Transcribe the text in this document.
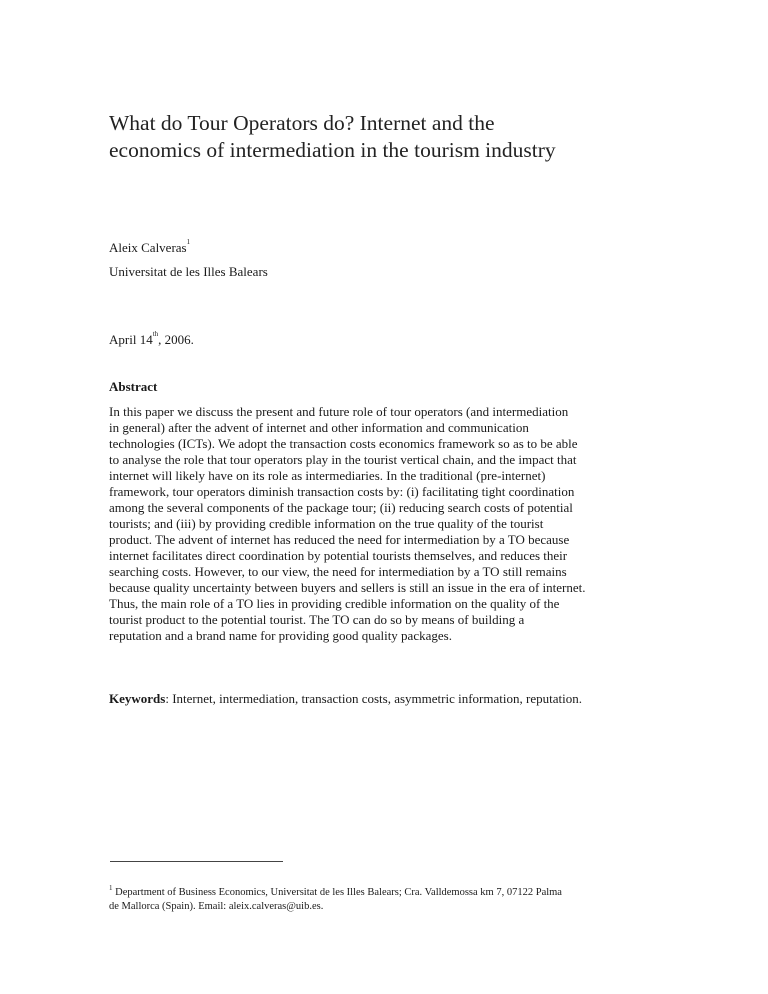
What do Tour Operators do? Internet and the
economics of intermediation in the tourism industry
Aleix Calveras$^1$
Universitat de les Illes Balears
April 14th, 2006.
Abstract
In this paper we discuss the present and future role of tour operators (and intermediation
in general) after the advent of internet and other information and communication
technologies (ICTs). We adopt the transaction costs economics framework so as to be able
to analyse the role that tour operators play in the tourist vertical chain, and the impact that
internet will likely have on its role as intermediaries. In the traditional (pre-internet)
framework, tour operators diminish transaction costs by: (i) facilitating tight coordination
among the several components of the package tour; (ii) reducing search costs of potential
tourists; and (iii) by providing credible information on the true quality of the tourist
product. The advent of internet has reduced the need for intermediation by a TO because
internet facilitates direct coordination by potential tourists themselves, and reduces their
searching costs. However, to our view, the need for intermediation by a TO still remains
because quality uncertainty between buyers and sellers is still an issue in the era of internet.
Thus, the main role of a TO lies in providing credible information on the quality of the
tourist product to the potential tourist. The TO can do so by means of building a
reputation and a brand name for providing good quality packages.
Keywords: Internet, intermediation, transaction costs, asymmetric information, reputation.
$^1$ Department of Business Economics, Universitat de les Illes Balears; Cra. Valldemossa km 7, 07122 Palma
de Mallorca (Spain). Email: aleix.calveras@uib.es.
